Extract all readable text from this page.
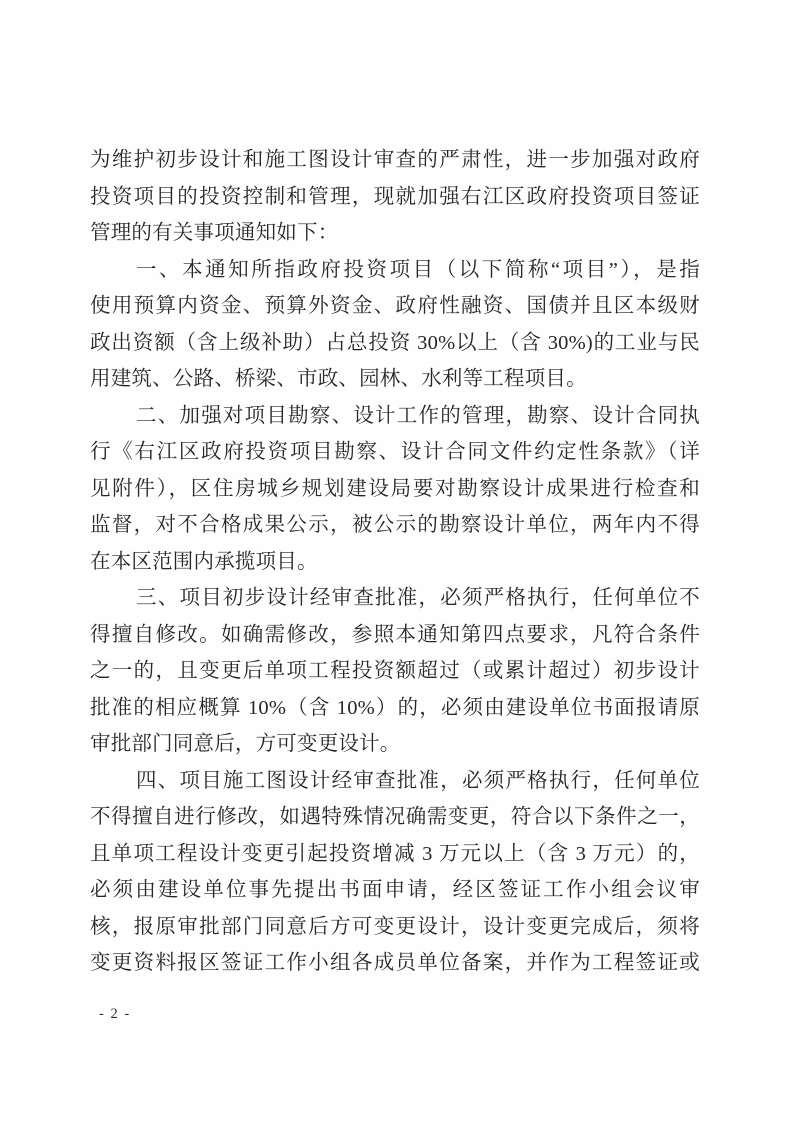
为维护初步设计和施工图设计审查的严肃性，进一步加强对政府
投资项目的投资控制和管理，现就加强右江区政府投资项目签证
管理的有关事项通知如下：
一、本通知所指政府投资项目（以下简称“项目”），是指
使用预算内资金、预算外资金、政府性融资、国债并且区本级财
政出资额（含上级补助）占总投资 30%以上（含 30%)的工业与民
用建筑、公路、桥梁、市政、园林、水利等工程项目。
二、加强对项目勘察、设计工作的管理，勘察、设计合同执
行《右江区政府投资项目勘察、设计合同文件约定性条款》（详
见附件），区住房城乡规划建设局要对勘察设计成果进行检查和
监督，对不合格成果公示，被公示的勘察设计单位，两年内不得
在本区范围内承揽项目。
三、项目初步设计经审查批准，必须严格执行，任何单位不
得擅自修改。如确需修改，参照本通知第四点要求，凡符合条件
之一的，且变更后单项工程投资额超过（或累计超过）初步设计
批准的相应概算 10%（含 10%）的，必须由建设单位书面报请原
审批部门同意后，方可变更设计。
四、项目施工图设计经审查批准，必须严格执行，任何单位
不得擅自进行修改，如遇特殊情况确需变更，符合以下条件之一，
且单项工程设计变更引起投资增减 3 万元以上（含 3 万元）的，
必须由建设单位事先提出书面申请，经区签证工作小组会议审
核，报原审批部门同意后方可变更设计，设计变更完成后，须将
变更资料报区签证工作小组各成员单位备案，并作为工程签证或
- 2 -
